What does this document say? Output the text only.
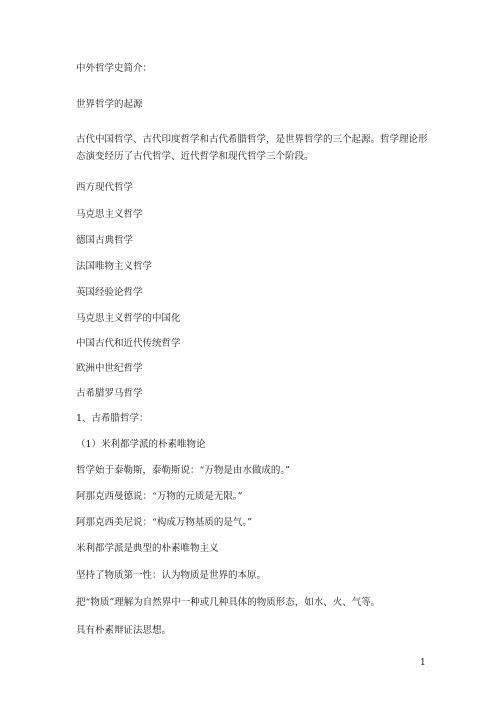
中外哲学史简介：
世界哲学的起源
古代中国哲学、古代印度哲学和古代希腊哲学，是世界哲学的三个起源。哲学理论形态演变经历了古代哲学、近代哲学和现代哲学三个阶段。
西方现代哲学
马克思主义哲学
德国古典哲学
法国唯物主义哲学
英国经验论哲学
马克思主义哲学的中国化
中国古代和近代传统哲学
欧洲中世纪哲学
古希腊罗马哲学
1、古希腊哲学：
（1）米利都学派的朴素唯物论
哲学始于泰勒斯，泰勒斯说：“万物是由水做成的。”
阿那克西曼德说：“万物的元质是无限。”
阿那克西美尼说：“构成万物基质的是气。”
米利都学派是典型的朴素唯物主义
坚持了物质第一性：认为物质是世界的本原。
把“物质”理解为自然界中一种或几种具体的物质形态，如水、火、气等。
具有朴素辩证法思想。
1
